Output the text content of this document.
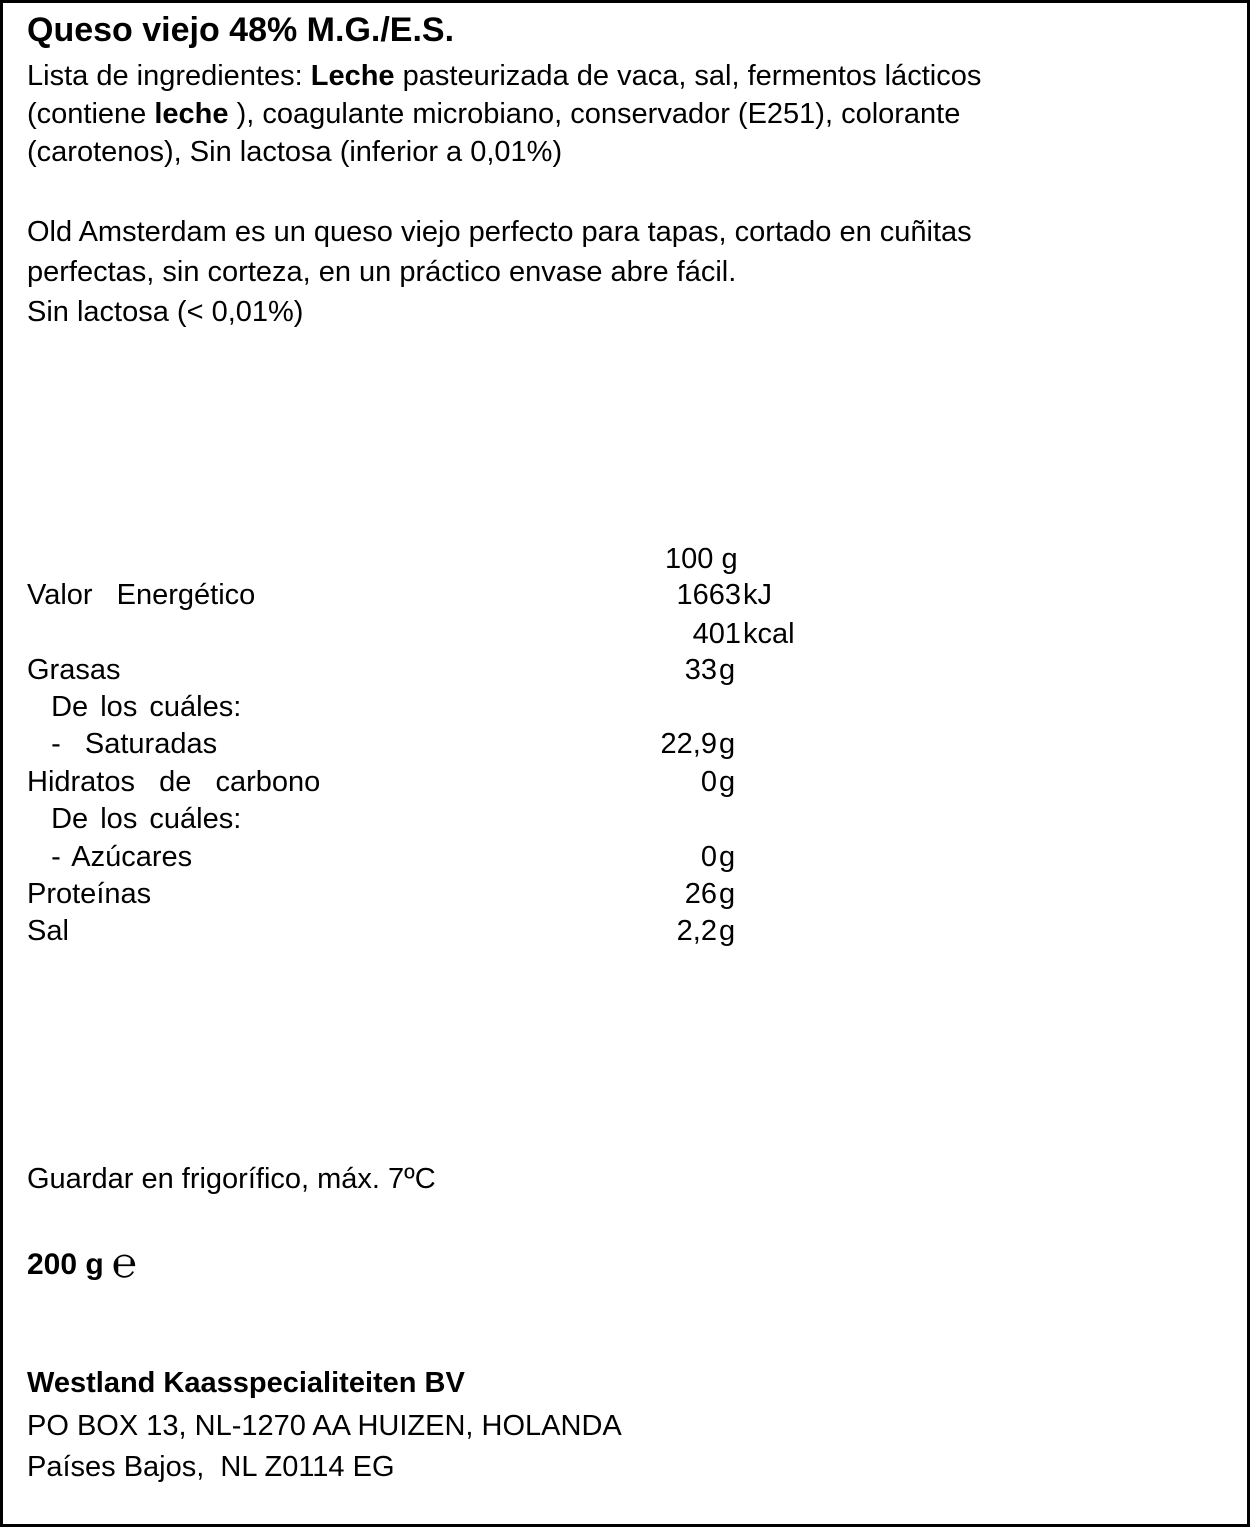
Queso viejo 48% M.G./E.S.
Lista de ingredientes: Leche pasteurizada de vaca, sal, fermentos lácticos
(contiene leche ), coagulante microbiano, conservador (E251), colorante
(carotenos), Sin lactosa (inferior a 0,01%)
Old Amsterdam es un queso viejo perfecto para tapas, cortado en cuñitas
perfectas, sin corteza, en un práctico envase abre fácil.
Sin lactosa (< 0,01%)
100 g
Valor  Energético	1663 kJ
401 kcal
Grasas	33 g
De los cuáles:
-  Saturadas	22,9 g
Hidratos  de  carbono	0 g
De los cuáles:
- Azúcares	0 g
Proteínas	26 g
Sal	2,2 g
Guardar en frigorífico, máx. 7ºC
200 g ℮
Westland Kaasspecialiteiten BV
PO BOX 13, NL-1270 AA HUIZEN, HOLANDA
Países Bajos,  NL Z0114 EG
